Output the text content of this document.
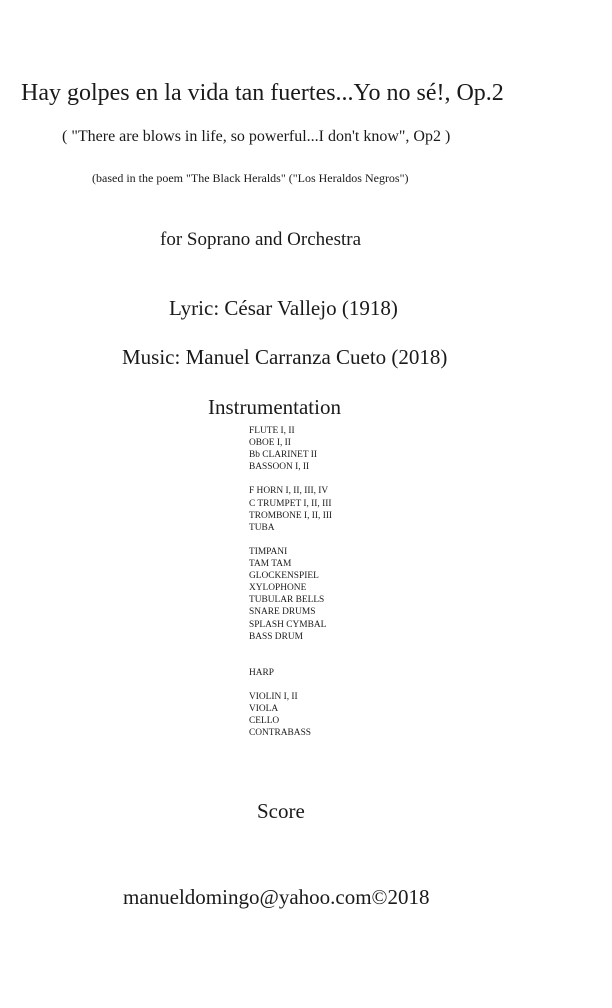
Hay golpes en la vida tan fuertes...Yo no sé!, Op.2
( "There are blows in life, so powerful...I don't know", Op2 )
(based in the poem "The Black Heralds" ("Los Heraldos Negros")
for Soprano and Orchestra
Lyric: César Vallejo (1918)
Music: Manuel Carranza Cueto (2018)
Instrumentation
FLUTE I, II
OBOE I, II
Bb CLARINET II
BASSOON I, II
F HORN I, II, III, IV
C TRUMPET I, II, III
TROMBONE I, II, III
TUBA
TIMPANI
TAM TAM
GLOCKENSPIEL
XYLOPHONE
TUBULAR BELLS
SNARE DRUMS
SPLASH CYMBAL
BASS DRUM
HARP
VIOLIN I, II
VIOLA
CELLO
CONTRABASS
Score
manueldomingo@yahoo.com©2018
